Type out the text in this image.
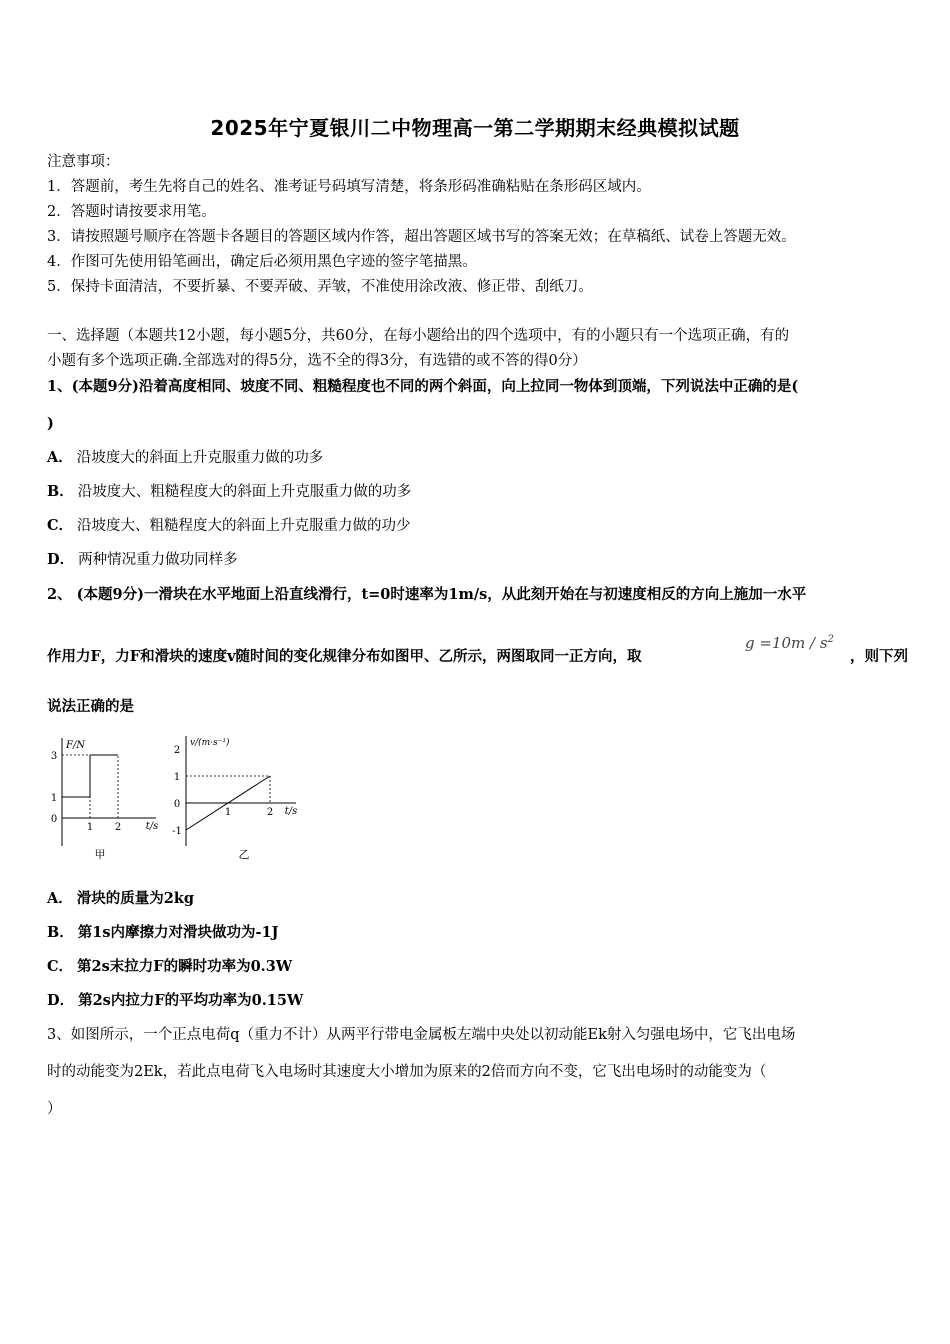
2025年宁夏银川二中物理高一第二学期期末经典模拟试题
注意事项：
1．答题前，考生先将自己的姓名、准考证号码填写清楚，将条形码准确粘贴在条形码区域内。
2．答题时请按要求用笔。
3．请按照题号顺序在答题卡各题目的答题区域内作答，超出答题区域书写的答案无效；在草稿纸、试卷上答题无效。
4．作图可先使用铅笔画出，确定后必须用黑色字迹的签字笔描黑。
5．保持卡面清洁，不要折暴、不要弄破、弄皱，不准使用涂改液、修正带、刮纸刀。
一、选择题（本题共12小题，每小题5分，共60分，在每小题给出的四个选项中，有的小题只有一个选项正确，有的
小题有多个选项正确.全部选对的得5分，选不全的得3分，有选错的或不答的得0分）
1、(本题9分)沿着高度相同、坡度不同、粗糙程度也不同的两个斜面，向上拉同一物体到顶端，下列说法中正确的是(
)
A． 沿坡度大的斜面上升克服重力做的功多
B． 沿坡度大、粗糙程度大的斜面上升克服重力做的功多
C． 沿坡度大、粗糙程度大的斜面上升克服重力做的功少
D． 两种情况重力做功同样多
2、 (本题9分)一滑块在水平地面上沿直线滑行，t=0时速率为1m/s，从此刻开始在与初速度相反的方向上施加一水平
作用力F，力F和滑块的速度v随时间的变化规律分布如图甲、乙所示，两图取同一正方向，取
$g =10m / s^2$
，则下列
说法正确的是
F/N
t/s
3
1
0
1 2
甲
v/(m·s⁻¹)
t/s
2
1
0
-1
1	2
乙
A． 滑块的质量为2kg
B． 第1s内摩擦力对滑块做功为-1J
C． 第2s末拉力F的瞬时功率为0.3W
D． 第2s内拉力F的平均功率为0.15W
3、如图所示，一个正点电荷q（重力不计）从两平行带电金属板左端中央处以初动能Ek射入匀强电场中，它飞出电场
时的动能变为2Ek，若此点电荷飞入电场时其速度大小增加为原来的2倍而方向不变，它飞出电场时的动能变为（
）
